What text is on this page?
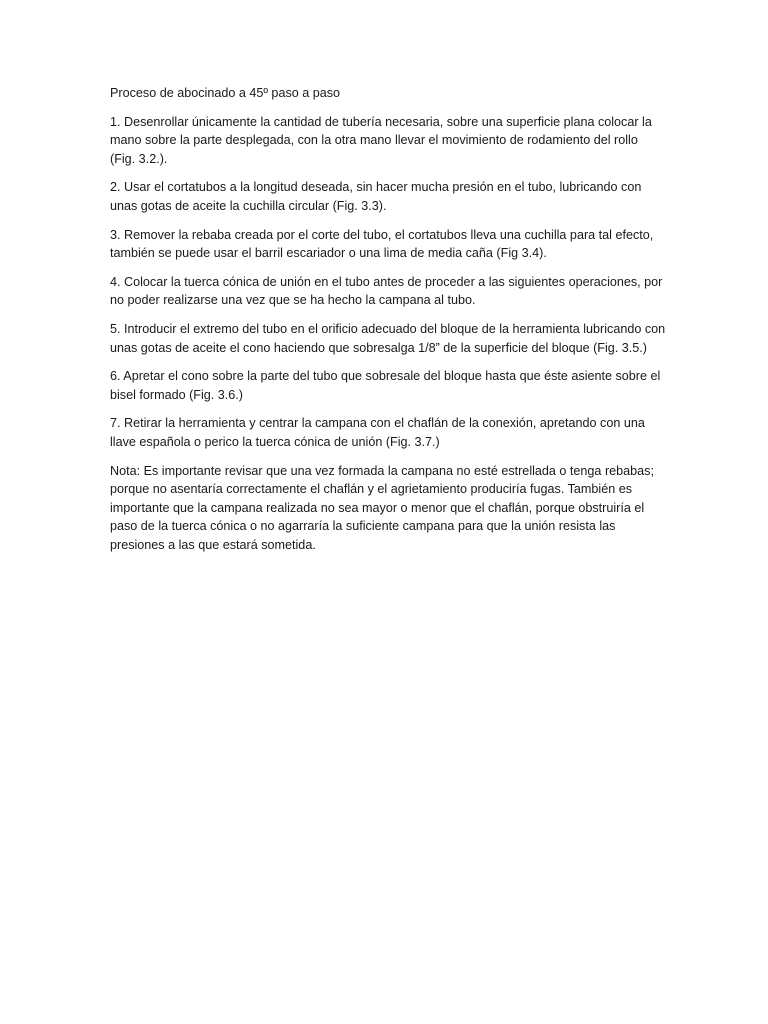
Proceso de abocinado a 45º paso a paso

1. Desenrollar únicamente la cantidad de tubería necesaria, sobre una superficie plana colocar la mano sobre la parte desplegada, con la otra mano llevar el movimiento de rodamiento del rollo (Fig. 3.2.).

2. Usar el cortatubos a la longitud deseada, sin hacer mucha presión en el tubo, lubricando con unas gotas de aceite la cuchilla circular (Fig. 3.3).

3. Remover la rebaba creada por el corte del tubo, el cortatubos lleva una cuchilla para tal efecto, también se puede usar el barril escariador o una lima de media caña (Fig 3.4).

4. Colocar la tuerca cónica de unión en el tubo antes de proceder a las siguientes operaciones, por no poder realizarse una vez que se ha hecho la campana al tubo.

5. Introducir el extremo del tubo en el orificio adecuado del bloque de la herramienta lubricando con unas gotas de aceite el cono haciendo que sobresalga 1/8” de la superficie del bloque (Fig. 3.5.)

6. Apretar el cono sobre la parte del tubo que sobresale del bloque hasta que éste asiente sobre el bisel formado (Fig. 3.6.)

7. Retirar la herramienta y centrar la campana con el chaflán de la conexión, apretando con una llave española o perico la tuerca cónica de unión (Fig. 3.7.)

Nota: Es importante revisar que una vez formada la campana no esté estrellada o tenga rebabas; porque no asentaría correctamente el chaflán y el agrietamiento produciría fugas. También es importante que la campana realizada no sea mayor o menor que el chaflán, porque obstruiría el paso de la tuerca cónica o no agarraría la suficiente campana para que la unión resista las presiones a las que estará sometida.
